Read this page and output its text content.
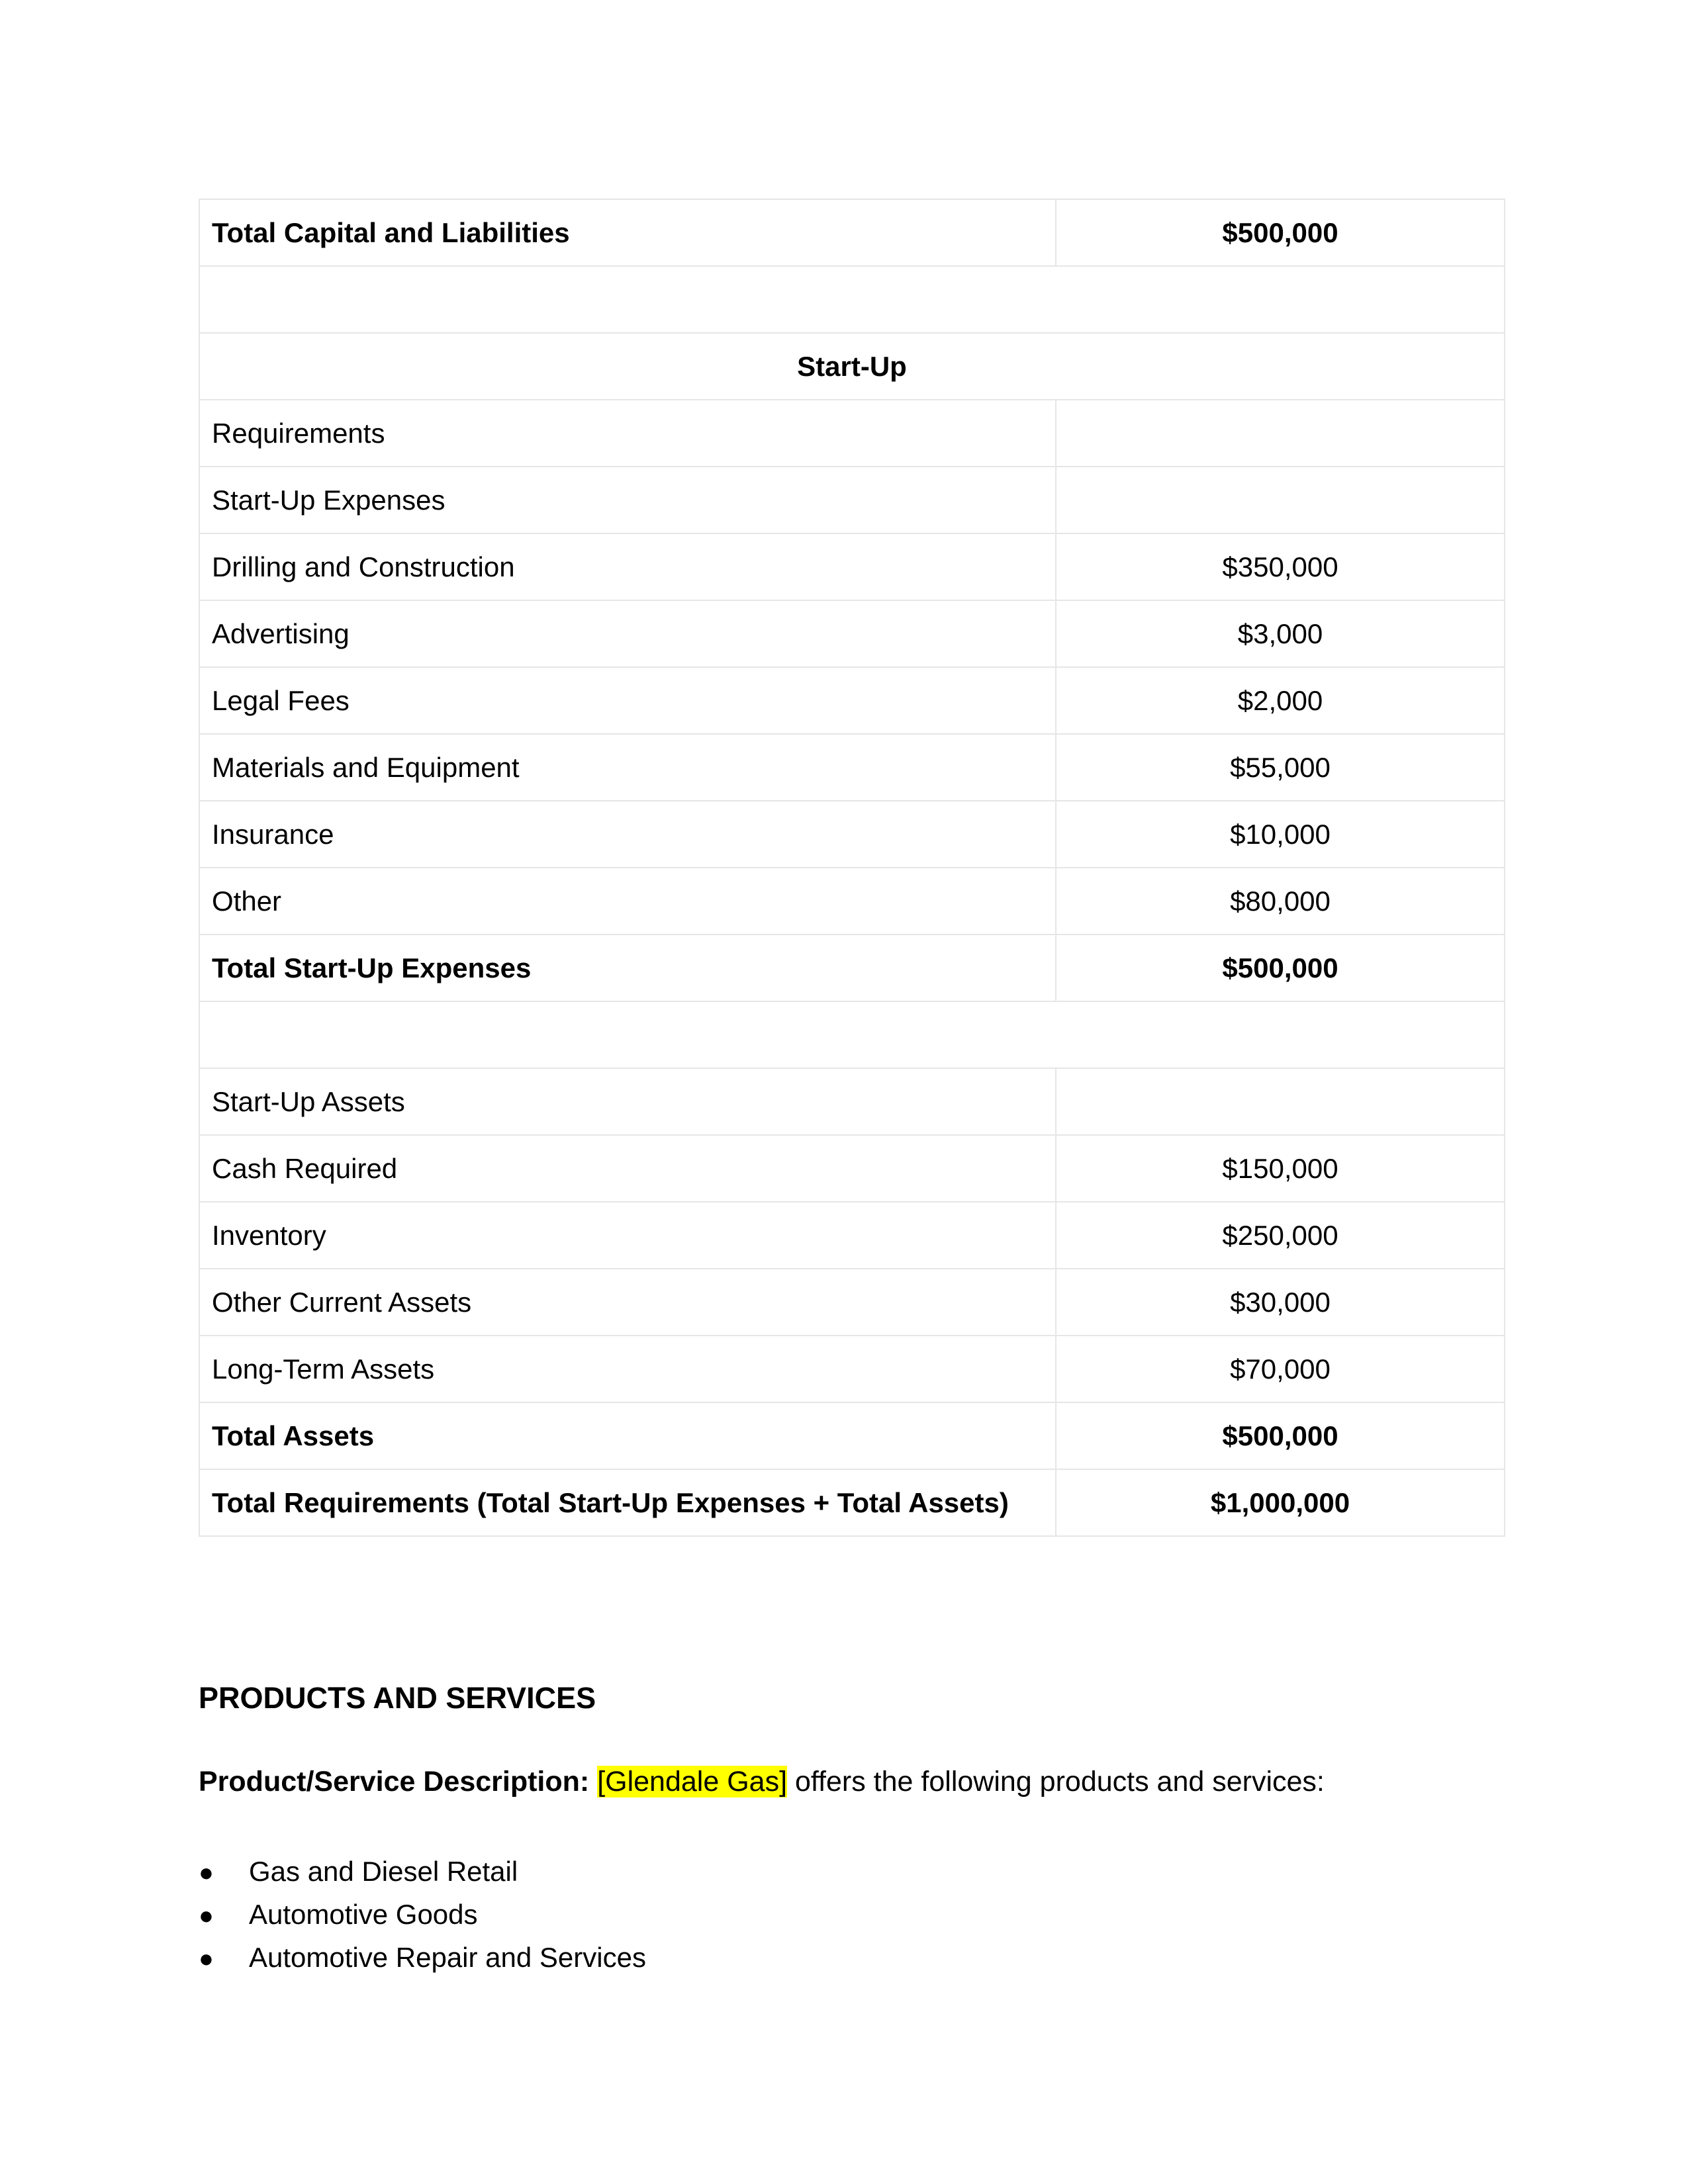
Total Capital and Liabilities	$500,000

Start-Up	
Requirements	
Start-Up Expenses	
Drilling and Construction	$350,000
Advertising	$3,000
Legal Fees	$2,000
Materials and Equipment	$55,000
Insurance	$10,000
Other	$80,000
Total Start-Up Expenses	$500,000

Start-Up Assets	
Cash Required	$150,000
Inventory	$250,000
Other Current Assets	$30,000
Long-Term Assets	$70,000
Total Assets	$500,000
Total Requirements (Total Start-Up Expenses + Total Assets)	$1,000,000
PRODUCTS AND SERVICES

Product/Service Description: [Glendale Gas] offers the following products and services:

● Gas and Diesel Retail
● Automotive Goods
● Automotive Repair and Services
